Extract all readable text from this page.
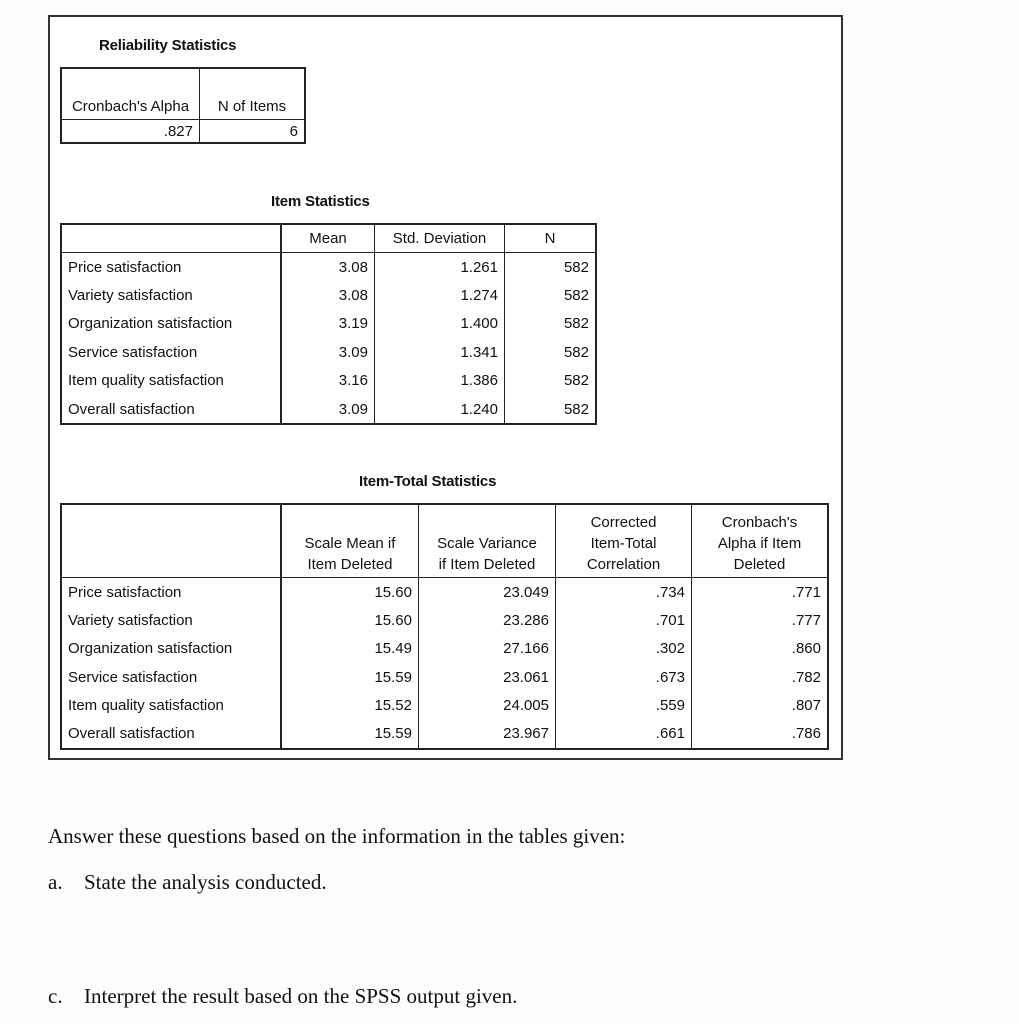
Reliability Statistics
Cronbach's Alpha	N of Items
.827	6
Item Statistics
	Mean	Std. Deviation	N
Price satisfaction	3.08	1.261	582
Variety satisfaction	3.08	1.274	582
Organization satisfaction	3.19	1.400	582
Service satisfaction	3.09	1.341	582
Item quality satisfaction	3.16	1.386	582
Overall satisfaction	3.09	1.240	582
Item-Total Statistics
	Scale Mean if Item Deleted	Scale Variance if Item Deleted	Corrected Item-Total Correlation	Cronbach's Alpha if Item Deleted
Price satisfaction	15.60	23.049	.734	.771
Variety satisfaction	15.60	23.286	.701	.777
Organization satisfaction	15.49	27.166	.302	.860
Service satisfaction	15.59	23.061	.673	.782
Item quality satisfaction	15.52	24.005	.559	.807
Overall satisfaction	15.59	23.967	.661	.786
Answer these questions based on the information in the tables given:
a. State the analysis conducted.
c. Interpret the result based on the SPSS output given.
